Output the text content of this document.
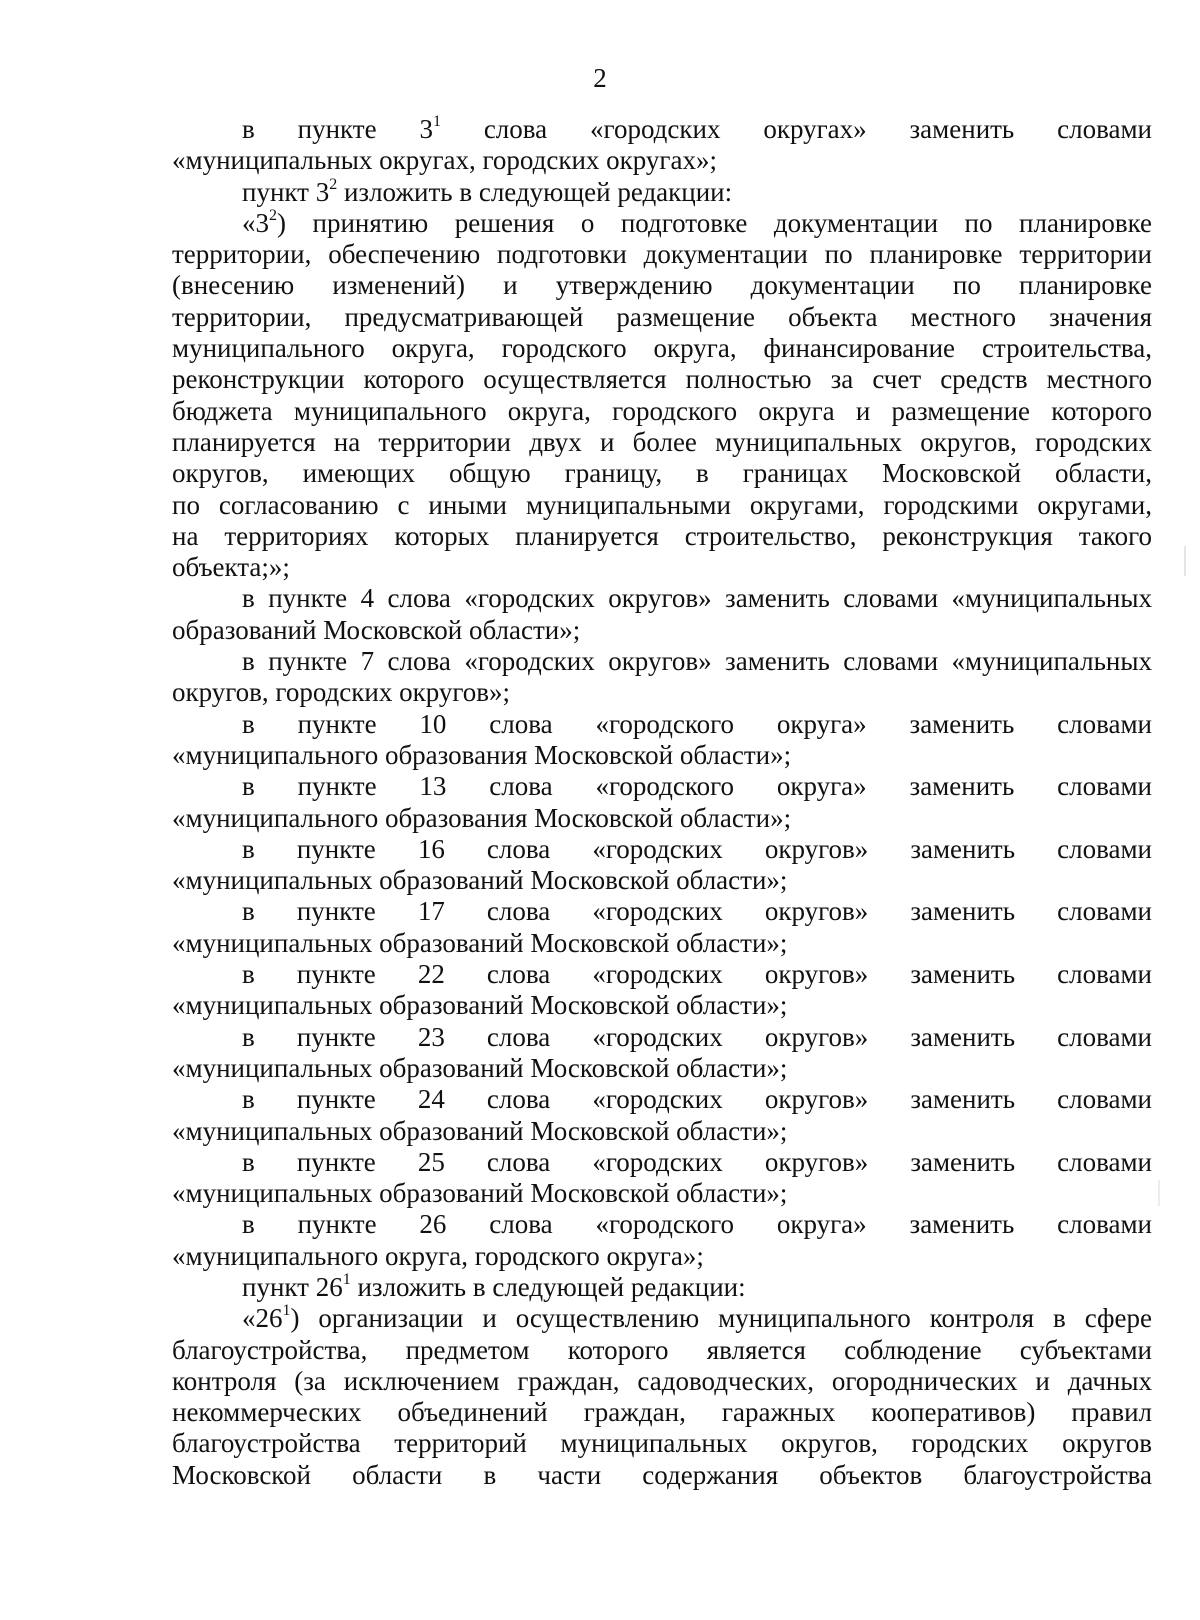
2
в пункте $3^1$ слова «городских округах» заменить словами
«муниципальных округах, городских округах»;
пункт $3^2$ изложить в следующей редакции:
«$3^2$) принятию решения о подготовке документации по планировке
территории, обеспечению подготовки документации по планировке территории
(внесению изменений) и утверждению документации по планировке
территории, предусматривающей размещение объекта местного значения
муниципального округа, городского округа, финансирование строительства,
реконструкции которого осуществляется полностью за счет средств местного
бюджета муниципального округа, городского округа и размещение которого
планируется на территории двух и более муниципальных округов, городских
округов, имеющих общую границу, в границах Московской области,
по согласованию с иными муниципальными округами, городскими округами,
на территориях которых планируется строительство, реконструкция такого
объекта;»;
в пункте 4 слова «городских округов» заменить словами «муниципальных
образований Московской области»;
в пункте 7 слова «городских округов» заменить словами «муниципальных
округов, городских округов»;
в пункте 10 слова «городского округа» заменить словами
«муниципального образования Московской области»;
в пункте 13 слова «городского округа» заменить словами
«муниципального образования Московской области»;
в пункте 16 слова «городских округов» заменить словами
«муниципальных образований Московской области»;
в пункте 17 слова «городских округов» заменить словами
«муниципальных образований Московской области»;
в пункте 22 слова «городских округов» заменить словами
«муниципальных образований Московской области»;
в пункте 23 слова «городских округов» заменить словами
«муниципальных образований Московской области»;
в пункте 24 слова «городских округов» заменить словами
«муниципальных образований Московской области»;
в пункте 25 слова «городских округов» заменить словами
«муниципальных образований Московской области»;
в пункте 26 слова «городского округа» заменить словами
«муниципального округа, городского округа»;
пункт $26^1$ изложить в следующей редакции:
«$26^1$) организации и осуществлению муниципального контроля в сфере
благоустройства, предметом которого является соблюдение субъектами
контроля (за исключением граждан, садоводческих, огороднических и дачных
некоммерческих объединений граждан, гаражных кооперативов) правил
благоустройства территорий муниципальных округов, городских округов
Московской области в части содержания объектов благоустройства
